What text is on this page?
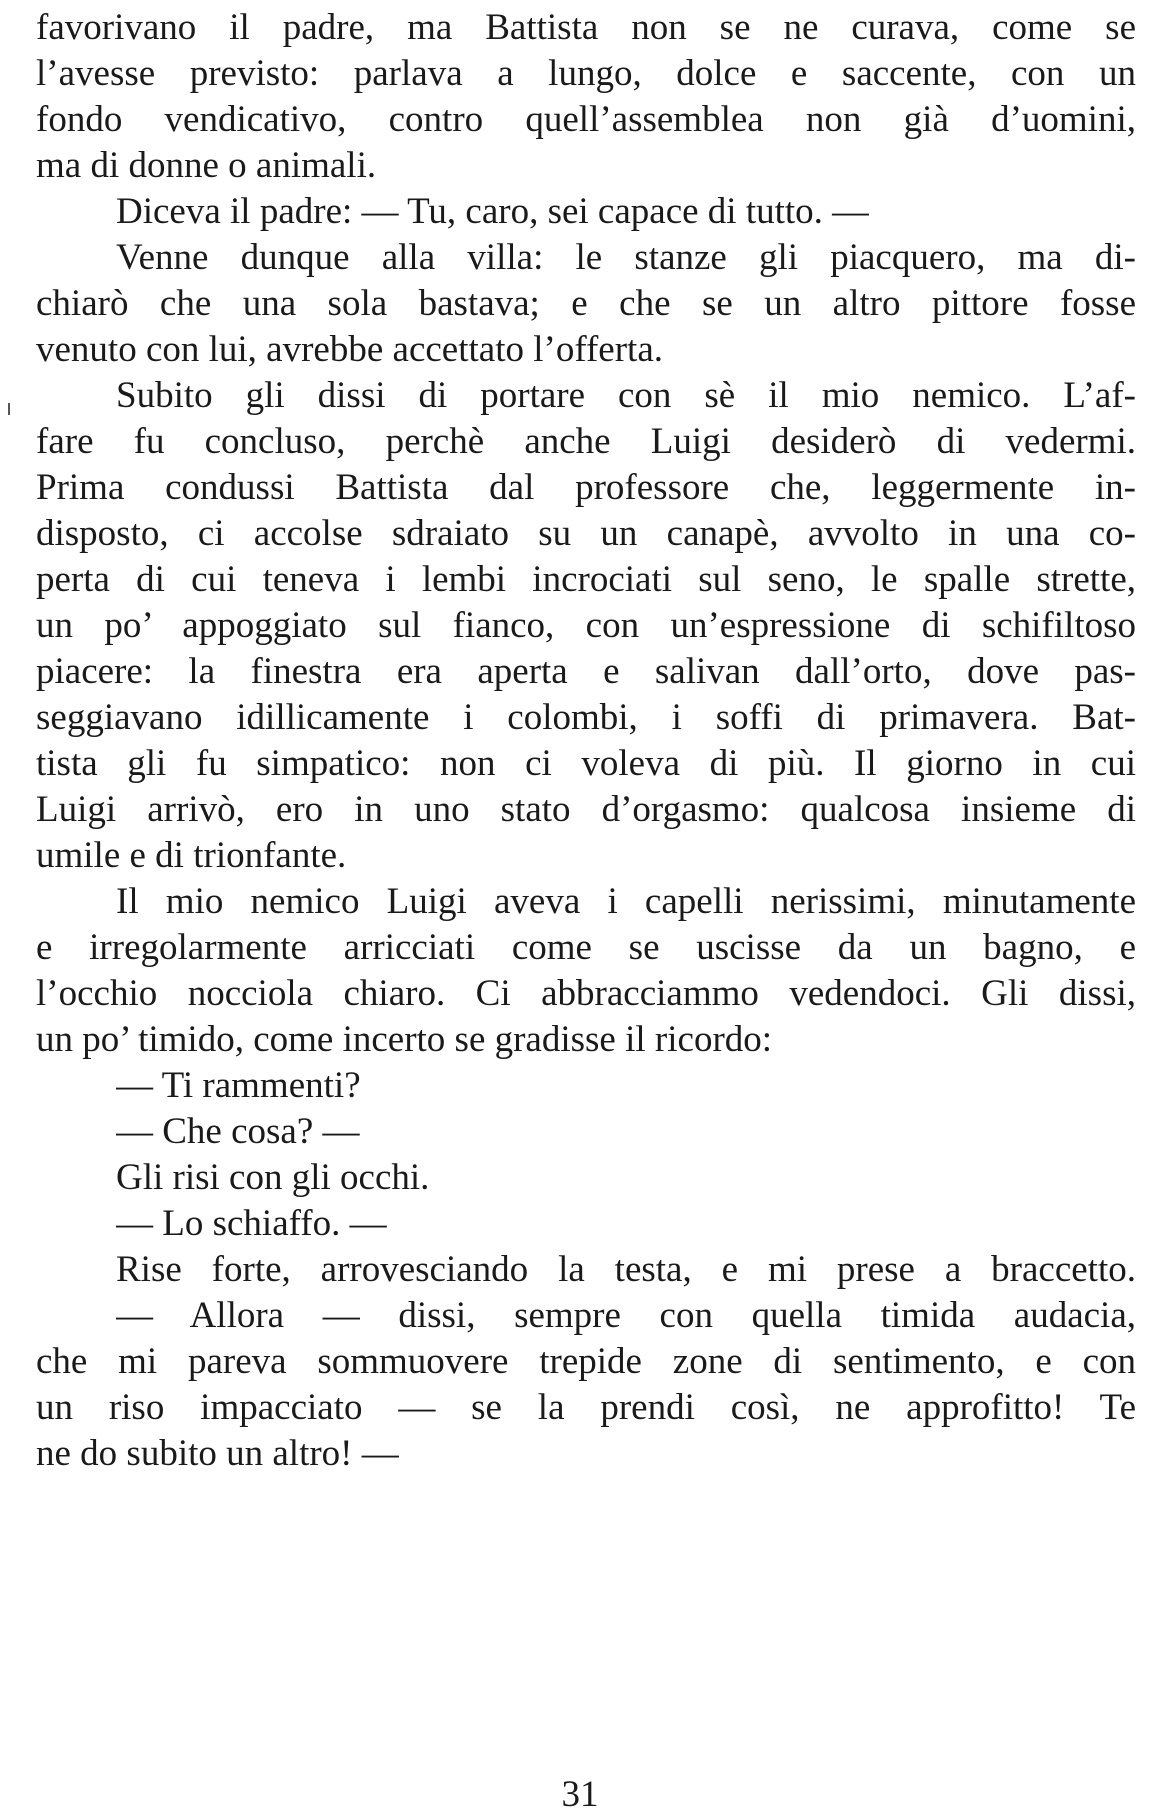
favorivano il padre, ma Battista non se ne curava, come se
l’avesse previsto: parlava a lungo, dolce e saccente, con un
fondo vendicativo, contro quell’assemblea non già d’uomini,
ma di donne o animali.
Diceva il padre: — Tu, caro, sei capace di tutto. —
Venne dunque alla villa: le stanze gli piacquero, ma di-
chiarò che una sola bastava; e che se un altro pittore fosse
venuto con lui, avrebbe accettato l’offerta.
Subito gli dissi di portare con sè il mio nemico. L’af-
fare fu concluso, perchè anche Luigi desiderò di vedermi.
Prima condussi Battista dal professore che, leggermente in-
disposto, ci accolse sdraiato su un canapè, avvolto in una co-
perta di cui teneva i lembi incrociati sul seno, le spalle strette,
un po’ appoggiato sul fianco, con un’espressione di schifiltoso
piacere: la finestra era aperta e salivan dall’orto, dove pas-
seggiavano idillicamente i colombi, i soffi di primavera. Bat-
tista gli fu simpatico: non ci voleva di più. Il giorno in cui
Luigi arrivò, ero in uno stato d’orgasmo: qualcosa insieme di
umile e di trionfante.
Il mio nemico Luigi aveva i capelli nerissimi, minutamente
e irregolarmente arricciati come se uscisse da un bagno, e
l’occhio nocciola chiaro. Ci abbracciammo vedendoci. Gli dissi,
un po’ timido, come incerto se gradisse il ricordo:
— Ti rammenti?
— Che cosa? —
Gli risi con gli occhi.
— Lo schiaffo. —
Rise forte, arrovesciando la testa, e mi prese a braccetto.
— Allora — dissi, sempre con quella timida audacia,
che mi pareva sommuovere trepide zone di sentimento, e con
un riso impacciato — se la prendi così, ne approfitto! Te
ne do subito un altro! —
31
